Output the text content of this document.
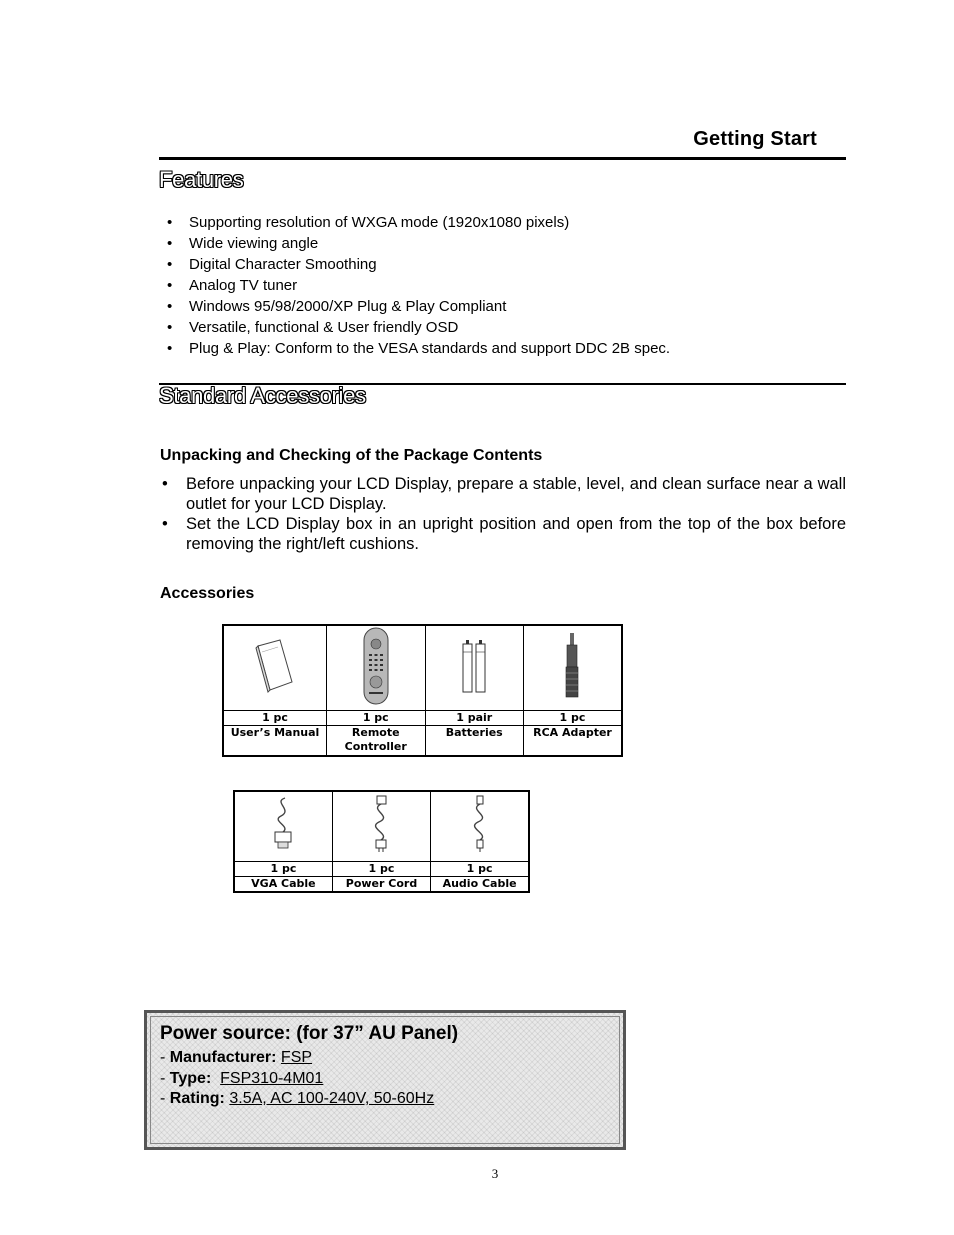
Getting Start
Features
• Supporting resolution of WXGA mode (1920x1080 pixels)
• Wide viewing angle
• Digital Character Smoothing
• Analog TV tuner
• Windows 95/98/2000/XP Plug & Play Compliant
• Versatile, functional & User friendly OSD
• Plug & Play: Conform to the VESA standards and support DDC 2B spec.
Standard Accessories
Unpacking and Checking of the Package Contents
• Before unpacking your LCD Display, prepare a stable, level, and clean surface near a wall outlet for your LCD Display.
• Set the LCD Display box in an upright position and open from the top of the box before removing the right/left cushions.
Accessories

1 pc	1 pc	1 pair	1 pc
User’s Manual	Remote Controller	Batteries	RCA Adapter

1 pc	1 pc	1 pc
VGA Cable	Power Cord	Audio Cable
Power source: (for 37” AU Panel)
- Manufacturer: FSP
- Type: FSP310-4M01
- Rating: 3.5A, AC 100-240V, 50-60Hz
3
